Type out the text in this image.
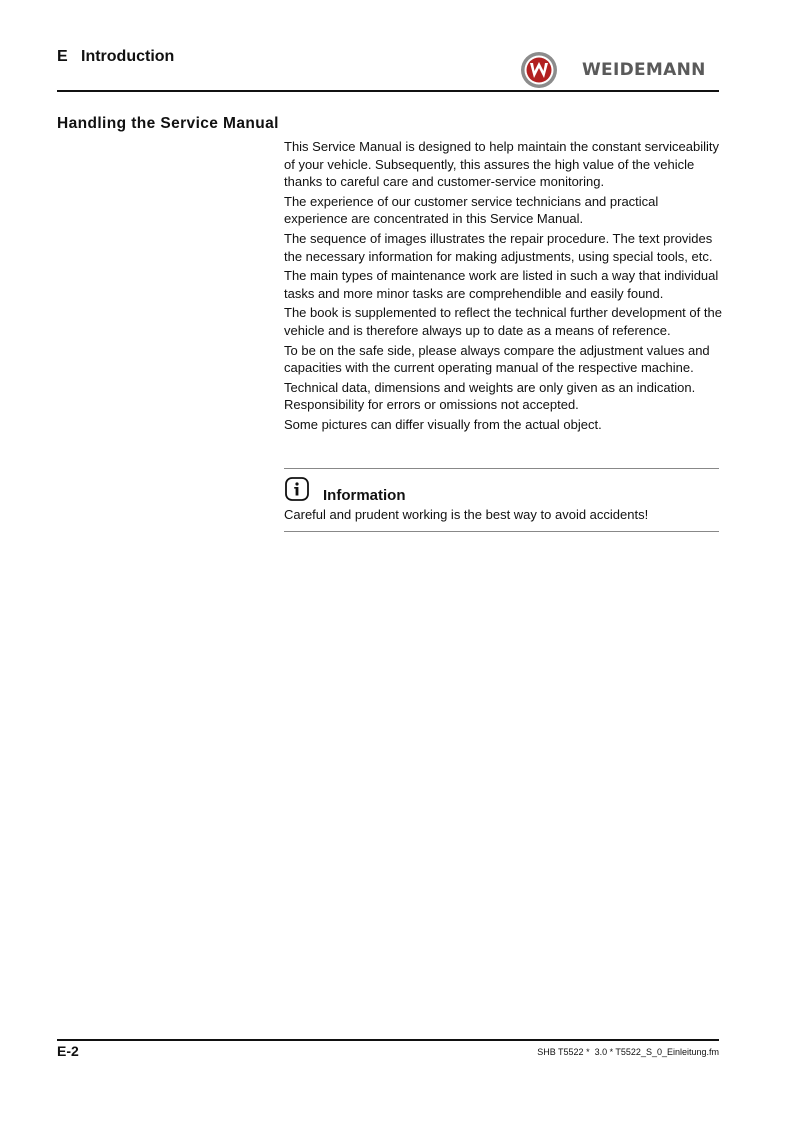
E   Introduction
WEIDEMANN
Handling the Service Manual

This Service Manual is designed to help maintain the constant serviceability of your vehicle. Subsequently, this assures the high value of the vehicle thanks to careful care and customer-service monitoring.

The experience of our customer service technicians and practical experience are concentrated in this Service Manual.

The sequence of images illustrates the repair procedure. The text provides the necessary information for making adjustments, using special tools, etc.

The main types of maintenance work are listed in such a way that individual tasks and more minor tasks are comprehendible and easily found.

The book is supplemented to reflect the technical further development of the vehicle and is therefore always up to date as a means of reference.

To be on the safe side, please always compare the adjustment values and capacities with the current operating manual of the respective machine.

Technical data, dimensions and weights are only given as an indication. Responsibility for errors or omissions not accepted.

Some pictures can differ visually from the actual object.

Information
Careful and prudent working is the best way to avoid accidents!
E-2	SHB T5522 *  3.0 * T5522_S_0_Einleitung.fm
